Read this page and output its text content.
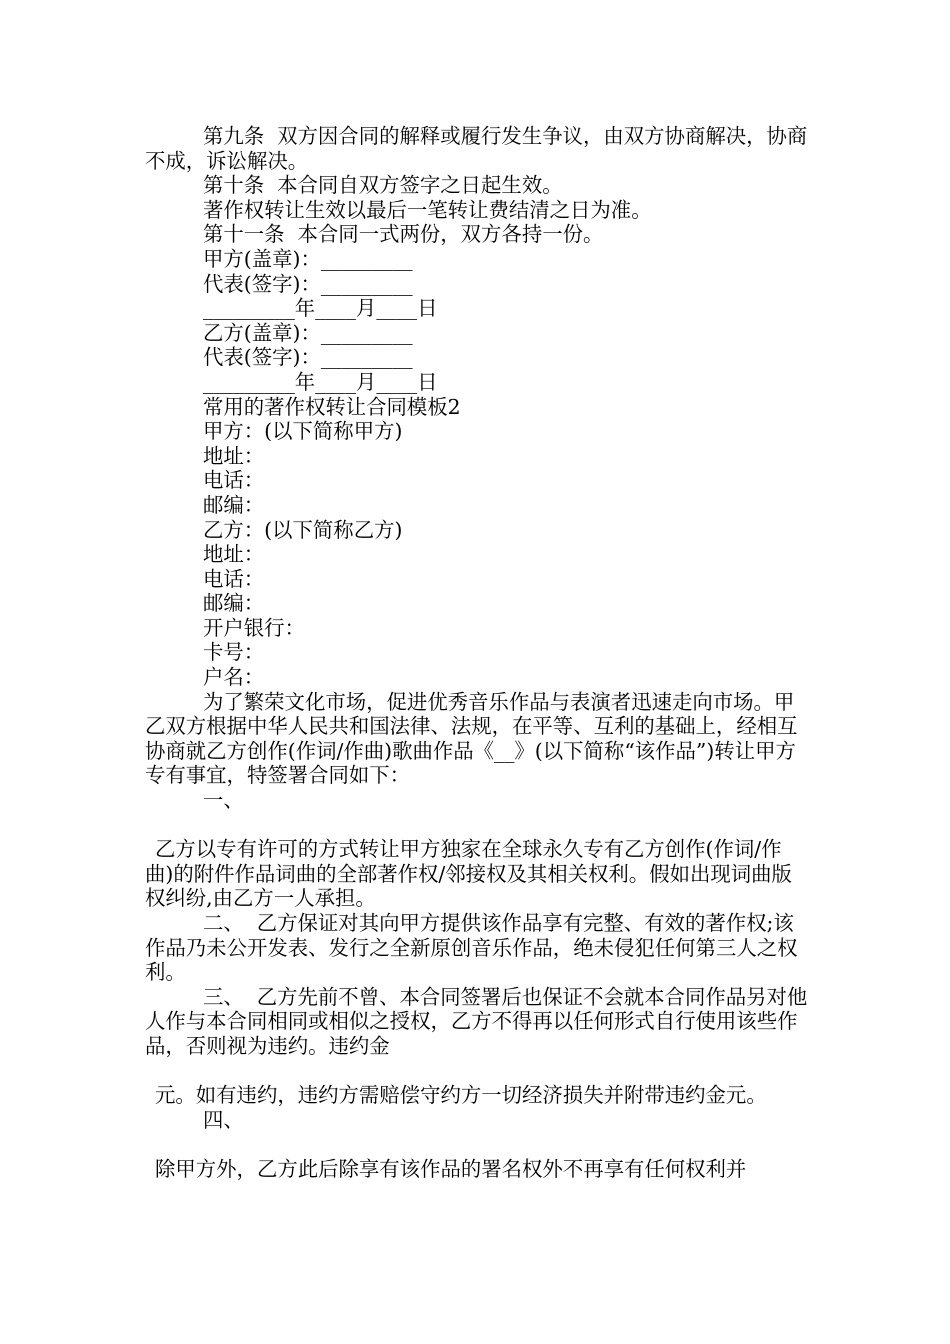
第九条  双方因合同的解释或履行发生争议，由双方协商解决，协商不成，诉讼解决。

第十条  本合同自双方签字之日起生效。

著作权转让生效以最后一笔转让费结清之日为准。

第十一条  本合同一式两份，双方各持一份。

甲方(盖章)：_________

代表(签字)：_________

_________年____月____日

乙方(盖章)：_________

代表(签字)：_________

_________年____月____日

常用的著作权转让合同模板2

甲方：(以下简称甲方)

地址：

电话：

邮编：

乙方：(以下简称乙方)

地址：

电话：

邮编：

开户银行：

卡号：

户名：

为了繁荣文化市场，促进优秀音乐作品与表演者迅速走向市场。甲乙双方根据中华人民共和国法律、法规，在平等、互利的基础上，经相互协商就乙方创作(作词/作曲)歌曲作品《__》(以下简称“该作品”)转让甲方专有事宜，特签署合同如下：

一、

乙方以专有许可的方式转让甲方独家在全球永久专有乙方创作(作词/作曲)的附件作品词曲的全部著作权/邻接权及其相关权利。假如出现词曲版权纠纷,由乙方一人承担。

二、  乙方保证对其向甲方提供该作品享有完整、有效的著作权;该作品乃未公开发表、发行之全新原创音乐作品，绝未侵犯任何第三人之权利。

三、  乙方先前不曾、本合同签署后也保证不会就本合同作品另对他人作与本合同相同或相似之授权，乙方不得再以任何形式自行使用该些作品，否则视为违约。违约金

元。如有违约，违约方需赔偿守约方一切经济损失并附带违约金元。

四、

除甲方外，乙方此后除享有该作品的署名权外不再享有任何权利并
